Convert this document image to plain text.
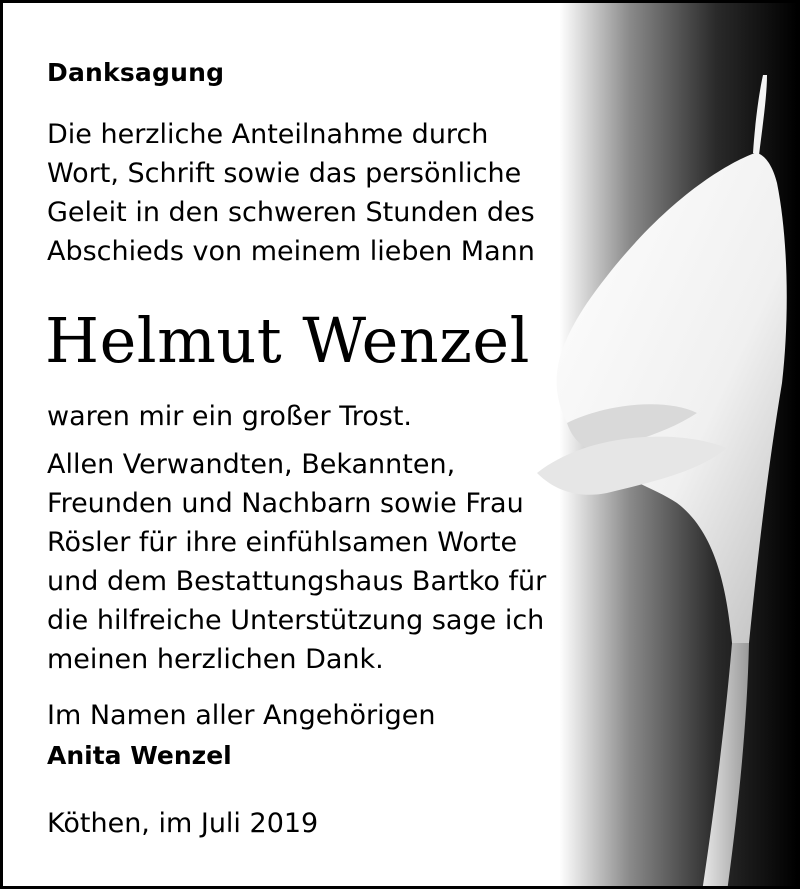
Danksagung

Die herzliche Anteilnahme durch
Wort, Schrift sowie das persönliche
Geleit in den schweren Stunden des
Abschieds von meinem lieben Mann

Helmut Wenzel

waren mir ein großer Trost.

Allen Verwandten, Bekannten,
Freunden und Nachbarn sowie Frau
Rösler für ihre einfühlsamen Worte
und dem Bestattungshaus Bartko für
die hilfreiche Unterstützung sage ich
meinen herzlichen Dank.

Im Namen aller Angehörigen
Anita Wenzel
Köthen, im Juli 2019
